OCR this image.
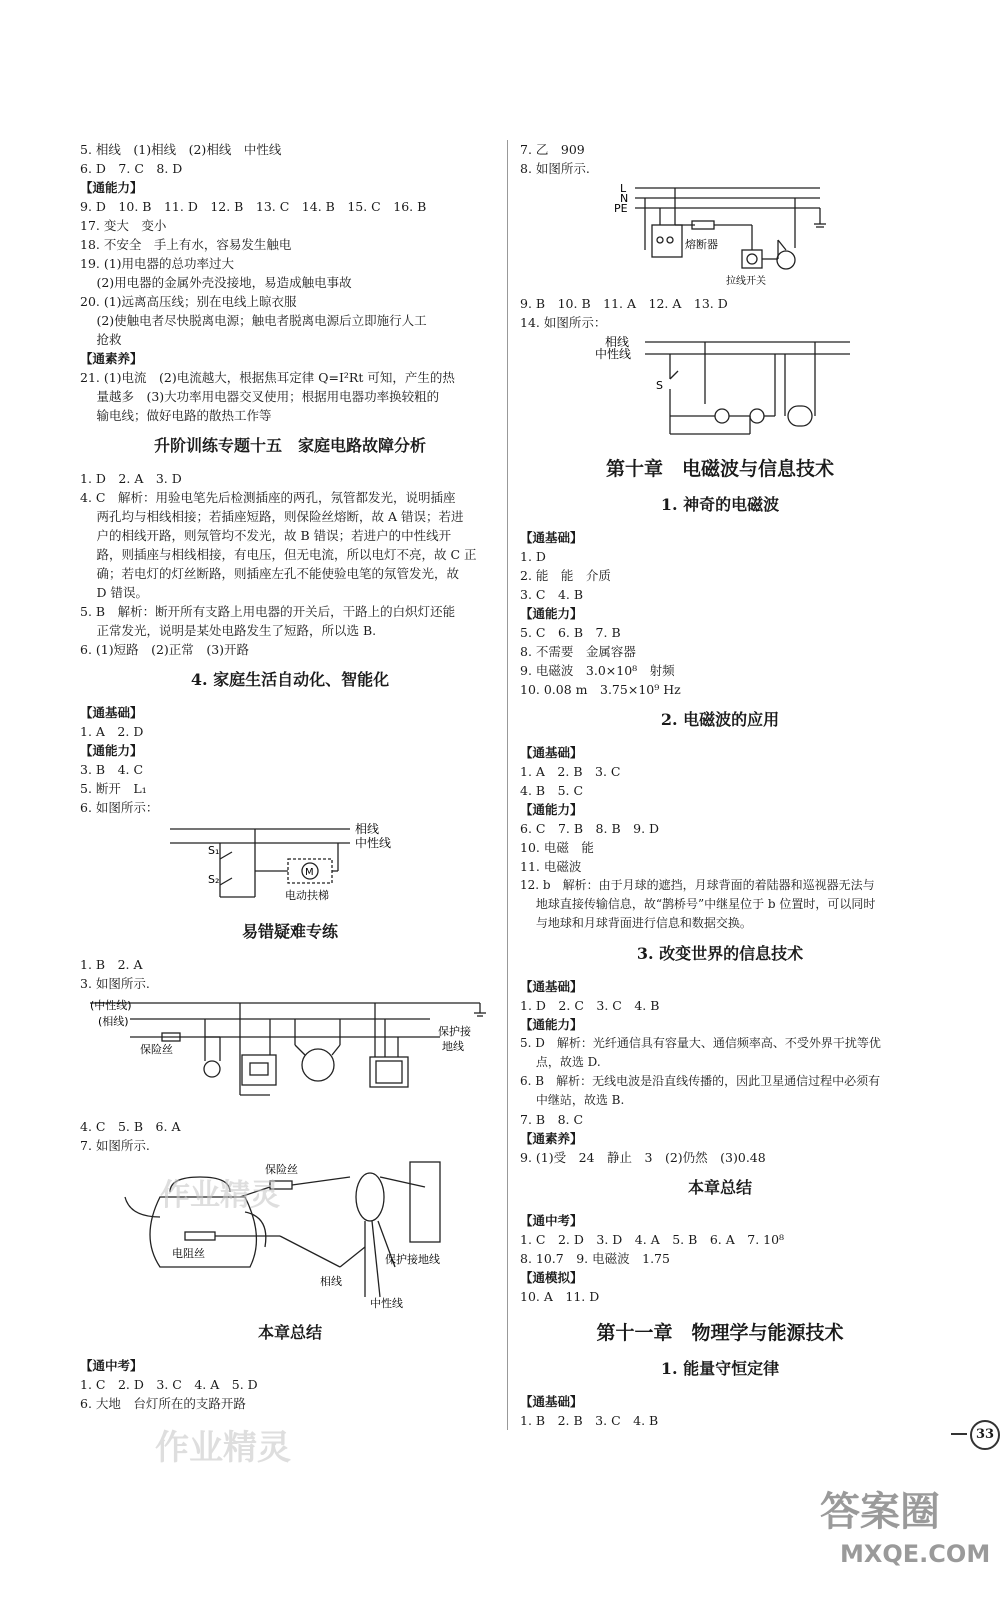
5. 相线　(1)相线　(2)相线　中性线
6. D　7. C　8. D
【通能力】
9. D　10. B　11. D　12. B　13. C　14. B　15. C　16. B
17. 变大　变小
18. 不安全　手上有水，容易发生触电
19. (1)用电器的总功率过大
　 (2)用电器的金属外壳没接地，易造成触电事故
20. (1)远离高压线；别在电线上晾衣服
　 (2)使触电者尽快脱离电源；触电者脱离电源后立即施行人工
　 抢救
【通素养】
21. (1)电流　(2)电流越大，根据焦耳定律 Q=I²Rt 可知，产生的热
　 量越多　(3)大功率用电器交叉使用；根据用电器功率换较粗的
　 输电线；做好电路的散热工作等
升阶训练专题十五　家庭电路故障分析
1. D　2. A　3. D
4. C　解析：用验电笔先后检测插座的两孔，氖管都发光，说明插座
　 两孔均与相线相接；若插座短路，则保险丝熔断，故 A 错误；若进
　 户的相线开路，则氖管均不发光，故 B 错误；若进户的中性线开
　 路，则插座与相线相接，有电压，但无电流，所以电灯不亮，故 C 正
　 确；若电灯的灯丝断路，则插座左孔不能使验电笔的氖管发光，故
　 D 错误。
5. B　解析：断开所有支路上用电器的开关后，干路上的白炽灯还能
　 正常发光，说明是某处电路发生了短路，所以选 B.
6. (1)短路　(2)正常　(3)开路
4. 家庭生活自动化、智能化
【通基础】
1. A　2. D
【通能力】
3. B　4. C
5. 断开　L₁
6. 如图所示：
相线
中性线
S₁
S₂
M
电动扶梯
易错疑难专练
1. B　2. A
3. 如图所示.
(中性线)
(相线)
保险丝
保护接
地线
4. C　5. B　6. A
7. 如图所示.
保险丝
电阻丝
相线
中性线
保护接地线
本章总结
【通中考】
1. C　2. D　3. C　4. A　5. D
6. 大地　台灯所在的支路开路
7. 乙　909
8. 如图所示.
L
N
PE
熔断器
拉线开关
9. B　10. B　11. A　12. A　13. D
14. 如图所示：
相线
中性线
S
第十章　电磁波与信息技术
1. 神奇的电磁波
【通基础】
1. D
2. 能　能　介质
3. C　4. B
【通能力】
5. C　6. B　7. B
8. 不需要　金属容器
9. 电磁波　3.0×10⁸　射频
10. 0.08 m　3.75×10⁹ Hz
2. 电磁波的应用
【通基础】
1. A　2. B　3. C
4. B　5. C
【通能力】
6. C　7. B　8. B　9. D
10. 电磁　能
11. 电磁波
12. b　解析：由于月球的遮挡，月球背面的着陆器和巡视器无法与
　 地球直接传输信息，故“鹊桥号”中继星位于 b 位置时，可以同时
　 与地球和月球背面进行信息和数据交换。
3. 改变世界的信息技术
【通基础】
1. D　2. C　3. C　4. B
【通能力】
5. D　解析：光纤通信具有容量大、通信频率高、不受外界干扰等优
　 点，故选 D.
6. B　解析：无线电波是沿直线传播的，因此卫星通信过程中必须有
　 中继站，故选 B.
7. B　8. C
【通素养】
9. (1)受　24　静止　3　(2)仍然　(3)0.48
本章总结
【通中考】
1. C　2. D　3. D　4. A　5. B　6. A　7. 10⁸
8. 10.7　9. 电磁波　1.75
【通模拟】
10. A　11. D
第十一章　物理学与能源技术
1. 能量守恒定律
【通基础】
1. B　2. B　3. C　4. B
33
作业精灵
作业精灵
答案圈
MXQE.COM
